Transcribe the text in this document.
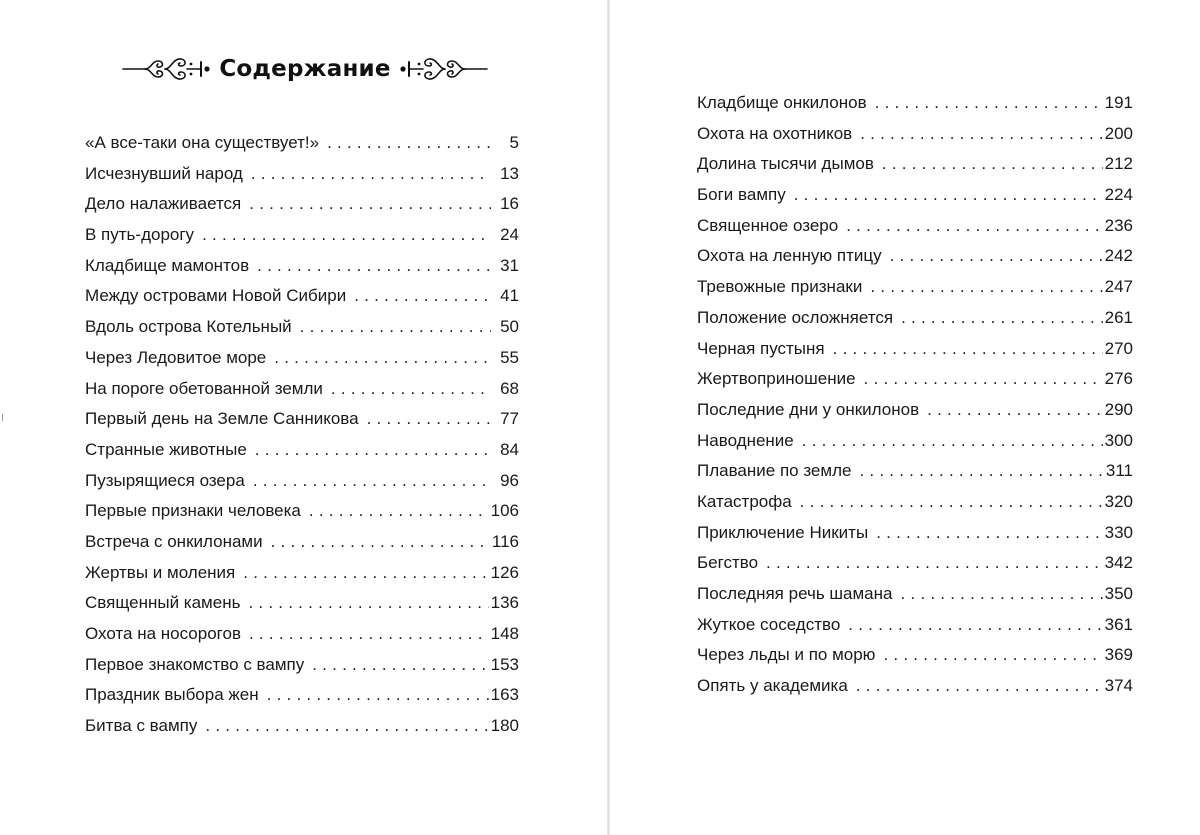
Содержание
«А все-таки она существует!» . . .	5
Исчезнувший народ . . .	13
Дело налаживается . . .	16
В путь-дорогу . . .	24
Кладбище мамонтов . . .	31
Между островами Новой Сибири . . .	41
Вдоль острова Котельный . . .	50
Через Ледовитое море . . .	55
На пороге обетованной земли . . .	68
Первый день на Земле Санникова . . .	77
Странные животные . . .	84
Пузырящиеся озера . . .	96
Первые признаки человека . . .	106
Встреча с онкилонами . . .	116
Жертвы и моления . . .	126
Священный камень . . .	136
Охота на носорогов . . .	148
Первое знакомство с вампу . . .	153
Праздник выбора жен . . .	163
Битва с вампу . . .	180
Кладбище онкилонов . . .	191
Охота на охотников . . .	200
Долина тысячи дымов . . .	212
Боги вампу . . .	224
Священное озеро . . .	236
Охота на ленную птицу . . .	242
Тревожные признаки . . .	247
Положение осложняется . . .	261
Черная пустыня . . .	270
Жертвоприношение . . .	276
Последние дни у онкилонов . . .	290
Наводнение . . .	300
Плавание по земле . . .	311
Катастрофа . . .	320
Приключение Никиты . . .	330
Бегство . . .	342
Последняя речь шамана . . .	350
Жуткое соседство . . .	361
Через льды и по морю . . .	369
Опять у академика . . .	374
